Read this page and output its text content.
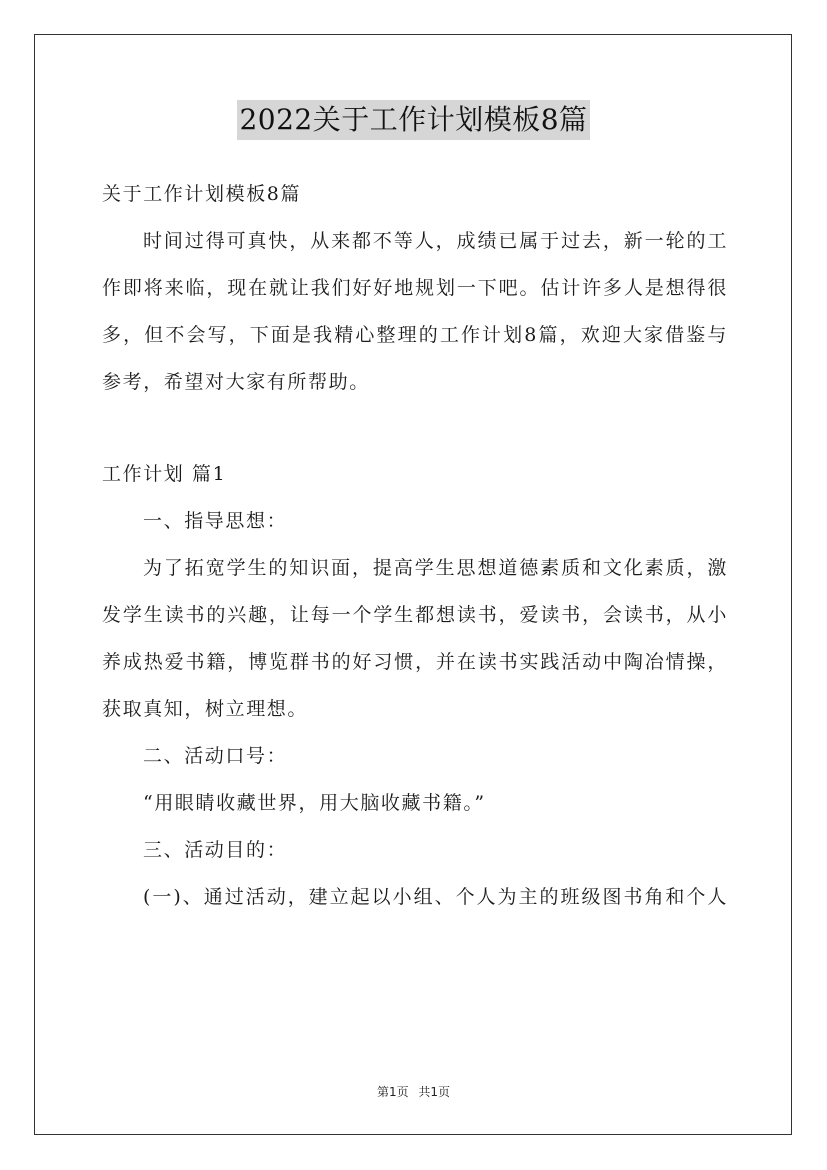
2022关于工作计划模板8篇
关于工作计划模板8篇
时间过得可真快，从来都不等人，成绩已属于过去，新一轮的工
作即将来临，现在就让我们好好地规划一下吧。估计许多人是想得很
多，但不会写，下面是我精心整理的工作计划8篇，欢迎大家借鉴与
参考，希望对大家有所帮助。
工作计划 篇1
一、指导思想：
为了拓宽学生的知识面，提高学生思想道德素质和文化素质，激
发学生读书的兴趣，让每一个学生都想读书，爱读书，会读书，从小
养成热爱书籍，博览群书的好习惯，并在读书实践活动中陶冶情操，
获取真知，树立理想。
二、活动口号：
“用眼睛收藏世界，用大脑收藏书籍。”
三、活动目的：
(一)、通过活动，建立起以小组、个人为主的班级图书角和个人
第1页 共1页
